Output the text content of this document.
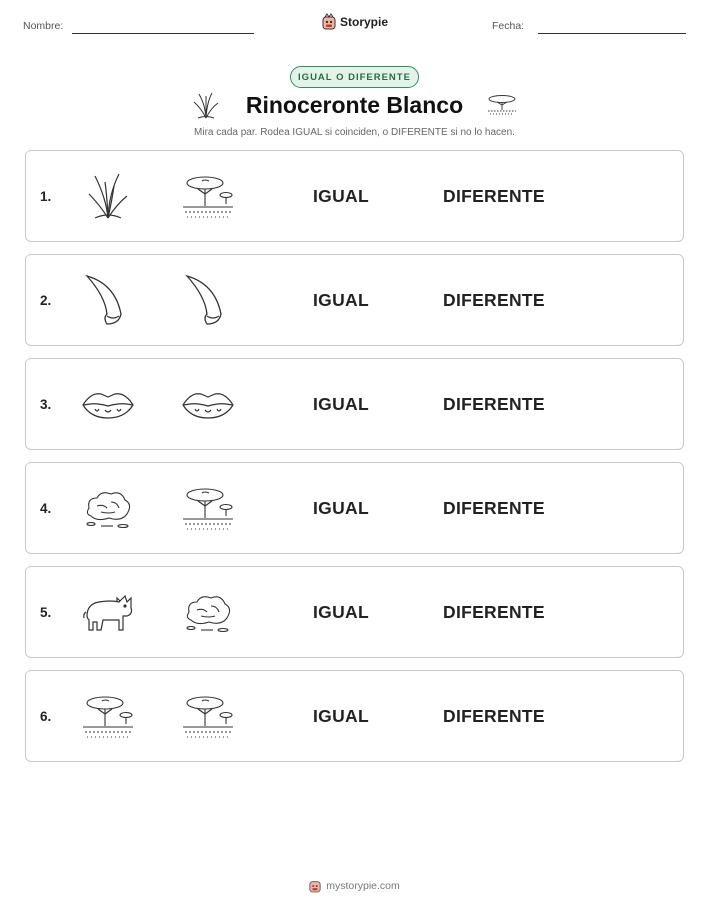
Nombre:	Storypie	Fecha:
IGUAL O DIFERENTE
Rinoceronte Blanco
Mira cada par. Rodea IGUAL si coinciden, o DIFERENTE si no lo hacen.
1.	IGUAL	DIFERENTE
2.	IGUAL	DIFERENTE
3.	IGUAL	DIFERENTE
4.	IGUAL	DIFERENTE
5.	IGUAL	DIFERENTE
6.	IGUAL	DIFERENTE
mystorypie.com
